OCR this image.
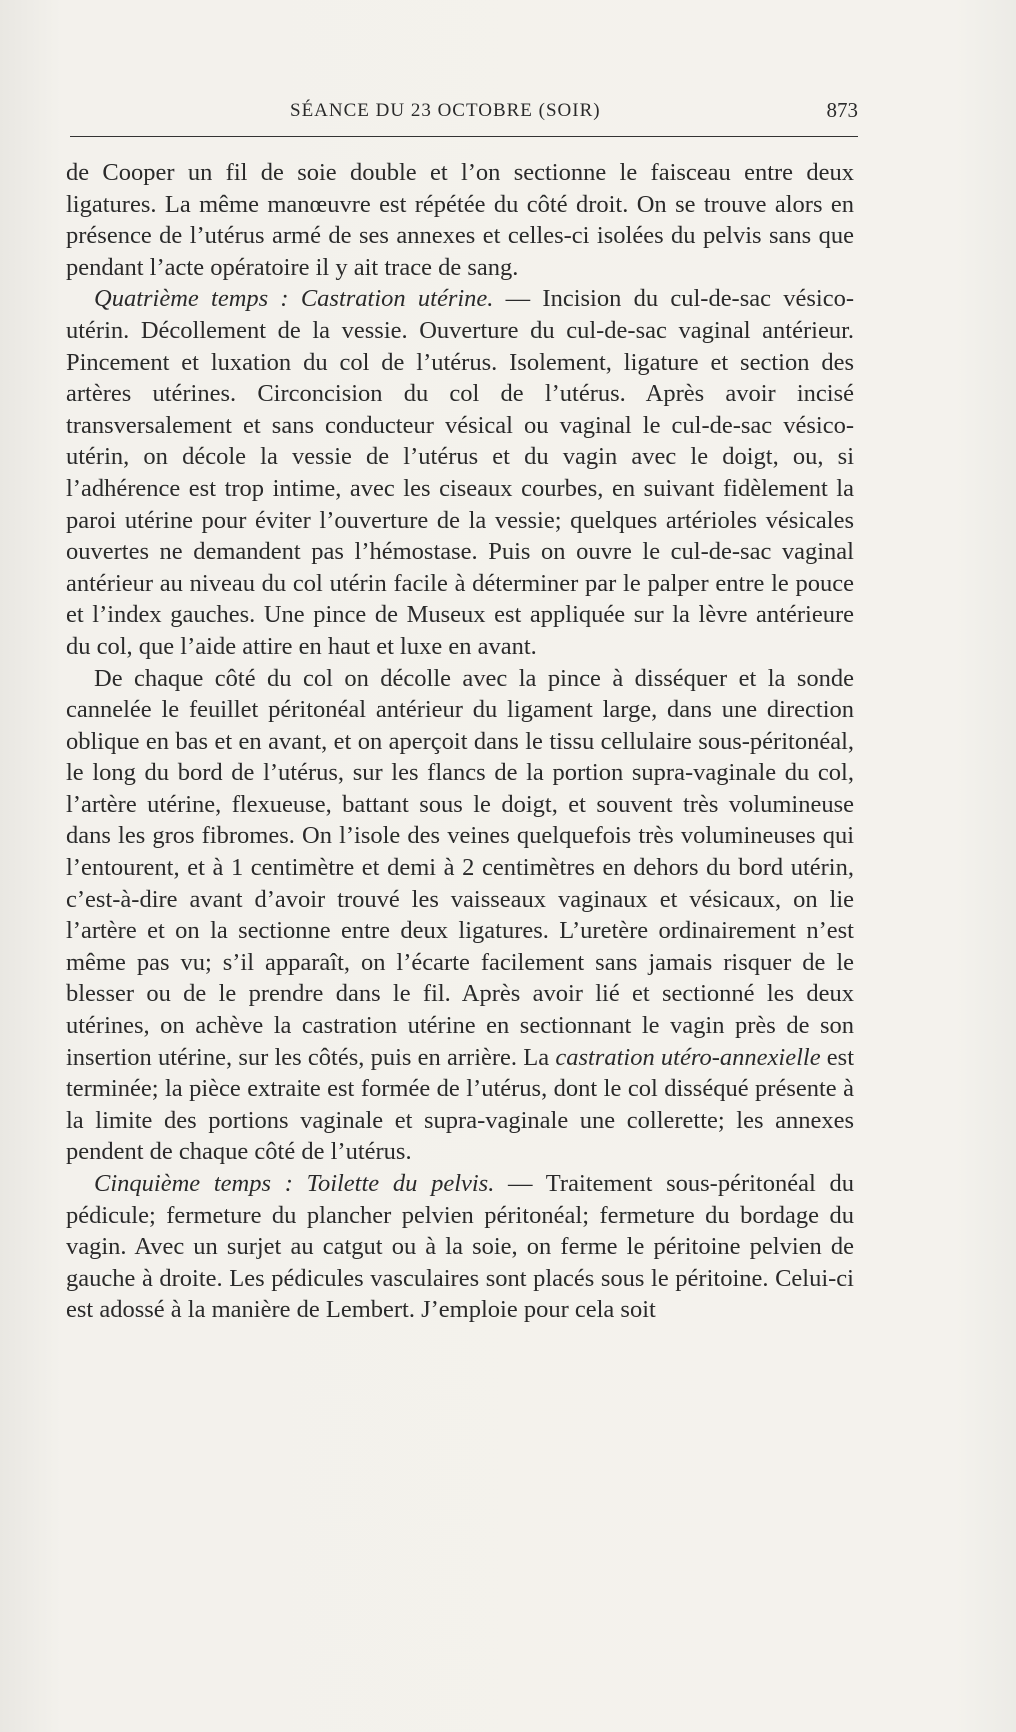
SÉANCE DU 23 OCTOBRE (SOIR)	873

de Cooper un fil de soie double et l’on sectionne le faisceau entre deux ligatures. La même manœuvre est répétée du côté droit. On se trouve alors en présence de l’utérus armé de ses annexes et celles-ci isolées du pelvis sans que pendant l’acte opératoire il y ait trace de sang.

Quatrième temps : Castration utérine. — Incision du cul-de-sac vésico-utérin. Décollement de la vessie. Ouverture du cul-de-sac vaginal antérieur. Pincement et luxation du col de l’utérus. Isolement, ligature et section des artères utérines. Circoncision du col de l’utérus. Après avoir incisé transversalement et sans conducteur vésical ou vaginal le cul-de-sac vésico-utérin, on décole la vessie de l’utérus et du vagin avec le doigt, ou, si l’adhérence est trop intime, avec les ciseaux courbes, en suivant fidèlement la paroi utérine pour éviter l’ouverture de la vessie; quelques artérioles vésicales ouvertes ne demandent pas l’hémostase. Puis on ouvre le cul-de-sac vaginal antérieur au niveau du col utérin facile à déterminer par le palper entre le pouce et l’index gauches. Une pince de Museux est appliquée sur la lèvre antérieure du col, que l’aide attire en haut et luxe en avant.

De chaque côté du col on décolle avec la pince à disséquer et la sonde cannelée le feuillet péritonéal antérieur du ligament large, dans une direction oblique en bas et en avant, et on aperçoit dans le tissu cellulaire sous-péritonéal, le long du bord de l’utérus, sur les flancs de la portion supra-vaginale du col, l’artère utérine, flexueuse, battant sous le doigt, et souvent très volumineuse dans les gros fibromes. On l’isole des veines quelquefois très volumineuses qui l’entourent, et à 1 centimètre et demi à 2 centimètres en dehors du bord utérin, c’est-à-dire avant d’avoir trouvé les vaisseaux vaginaux et vésicaux, on lie l’artère et on la sectionne entre deux ligatures. L’uretère ordinairement n’est même pas vu; s’il apparaît, on l’écarte facilement sans jamais risquer de le blesser ou de le prendre dans le fil. Après avoir lié et sectionné les deux utérines, on achève la castration utérine en sectionnant le vagin près de son insertion utérine, sur les côtés, puis en arrière. La castration utéro-annexielle est terminée; la pièce extraite est formée de l’utérus, dont le col disséqué présente à la limite des portions vaginale et supra-vaginale une collerette; les annexes pendent de chaque côté de l’utérus.

Cinquième temps : Toilette du pelvis. — Traitement sous-péritonéal du pédicule; fermeture du plancher pelvien péritonéal; fermeture du bordage du vagin. Avec un surjet au catgut ou à la soie, on ferme le péritoine pelvien de gauche à droite. Les pédicules vasculaires sont placés sous le péritoine. Celui-ci est adossé à la manière de Lembert. J’emploie pour cela soit
